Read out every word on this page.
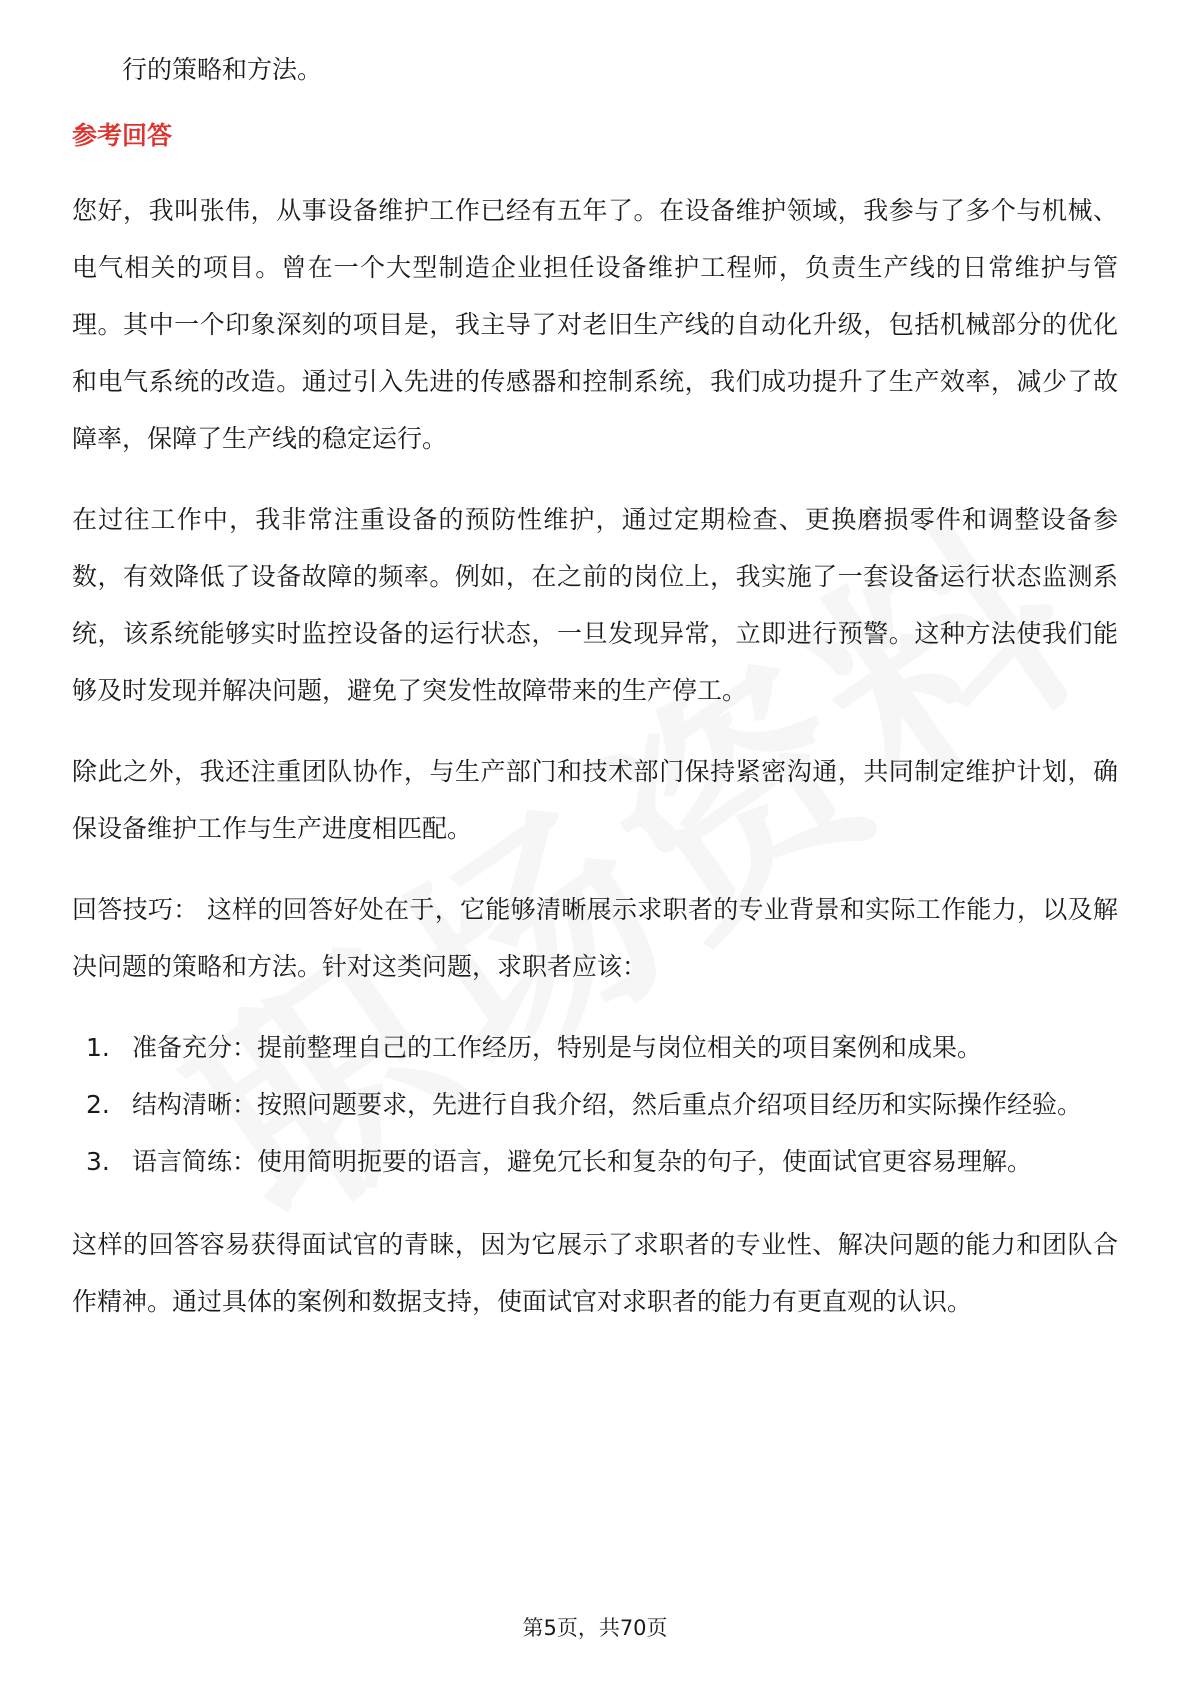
行的策略和方法。

参考回答

您好，我叫张伟，从事设备维护工作已经有五年了。在设备维护领域，我参与了多个与机械、电气相关的项目。曾在一个大型制造企业担任设备维护工程师，负责生产线的日常维护与管理。其中一个印象深刻的项目是，我主导了对老旧生产线的自动化升级，包括机械部分的优化和电气系统的改造。通过引入先进的传感器和控制系统，我们成功提升了生产效率，减少了故障率，保障了生产线的稳定运行。

在过往工作中，我非常注重设备的预防性维护，通过定期检查、更换磨损零件和调整设备参数，有效降低了设备故障的频率。例如，在之前的岗位上，我实施了一套设备运行状态监测系统，该系统能够实时监控设备的运行状态，一旦发现异常，立即进行预警。这种方法使我们能够及时发现并解决问题，避免了突发性故障带来的生产停工。

除此之外，我还注重团队协作，与生产部门和技术部门保持紧密沟通，共同制定维护计划，确保设备维护工作与生产进度相匹配。

回答技巧： 这样的回答好处在于，它能够清晰展示求职者的专业背景和实际工作能力，以及解决问题的策略和方法。针对这类问题，求职者应该：

1. 准备充分：提前整理自己的工作经历，特别是与岗位相关的项目案例和成果。
2. 结构清晰：按照问题要求，先进行自我介绍，然后重点介绍项目经历和实际操作经验。
3. 语言简练：使用简明扼要的语言，避免冗长和复杂的句子，使面试官更容易理解。

这样的回答容易获得面试官的青睐，因为它展示了求职者的专业性、解决问题的能力和团队合作精神。通过具体的案例和数据支持，使面试官对求职者的能力有更直观的认识。

第5页，共70页
